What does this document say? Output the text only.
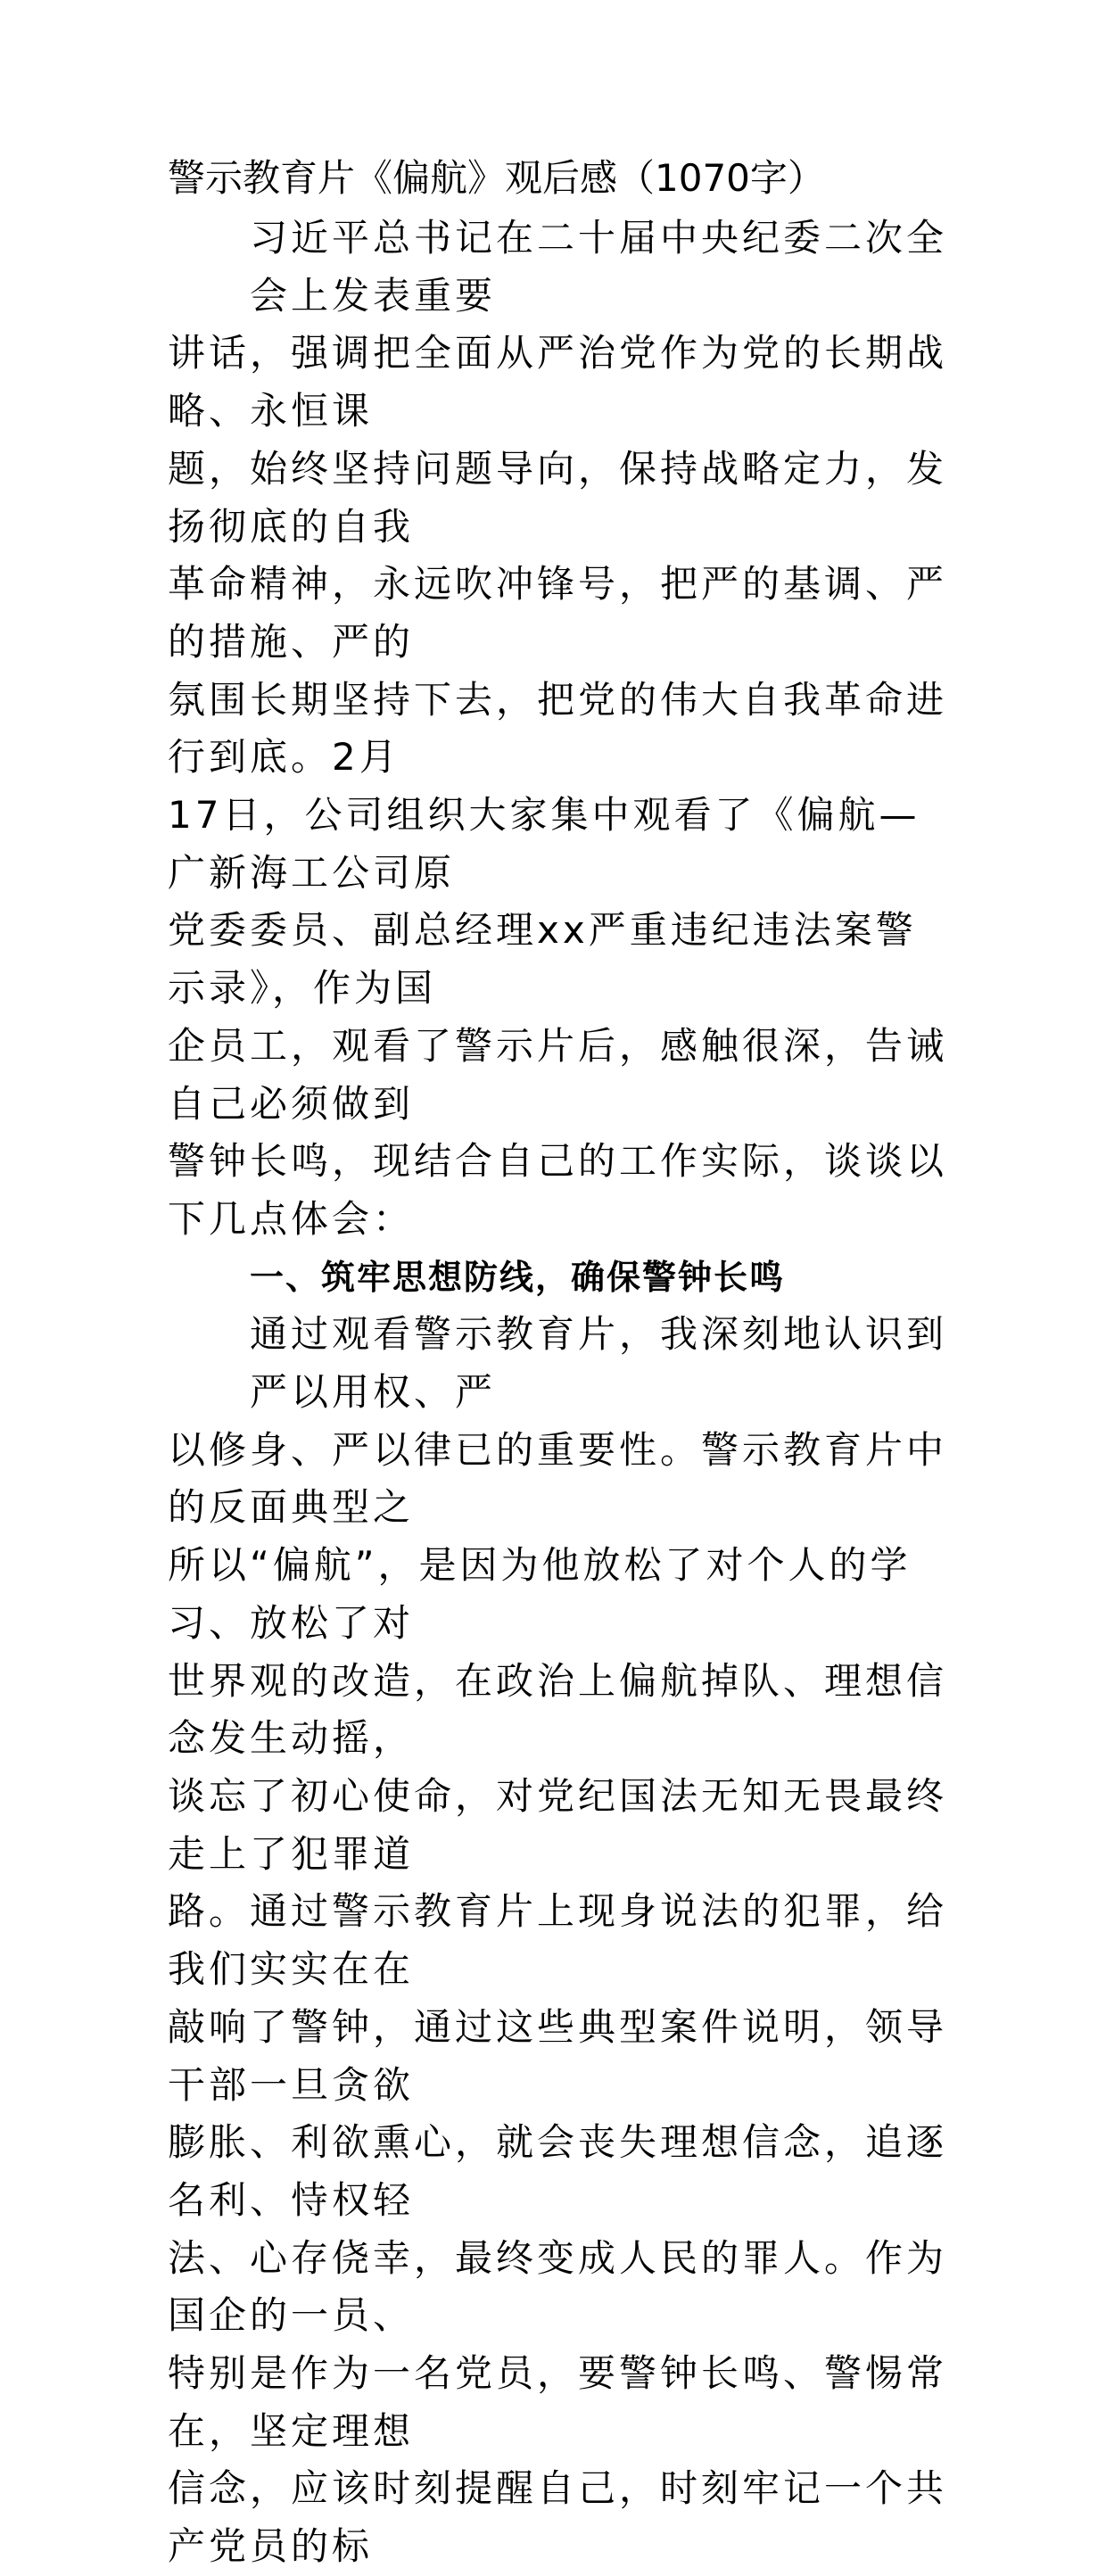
警示教育片《偏航》观后感（1070字）
习近平总书记在二十届中央纪委二次全会上发表重要
讲话，强调把全面从严治党作为党的长期战略、永恒课
题，始终坚持问题导向，保持战略定力，发扬彻底的自我
革命精神，永远吹冲锋号，把严的基调、严的措施、严的
氛围长期坚持下去，把党的伟大自我革命进行到底。2月
17日，公司组织大家集中观看了《偏航—广新海工公司原
党委委员、副总经理xx严重违纪违法案警示录》，作为国
企员工，观看了警示片后，感触很深，告诫自己必须做到
警钟长鸣，现结合自己的工作实际，谈谈以下几点体会：
一、筑牢思想防线，确保警钟长鸣
通过观看警示教育片，我深刻地认识到严以用权、严
以修身、严以律已的重要性。警示教育片中的反面典型之
所以“偏航”，是因为他放松了对个人的学习、放松了对
世界观的改造，在政治上偏航掉队、理想信念发生动摇，
谈忘了初心使命，对党纪国法无知无畏最终走上了犯罪道
路。通过警示教育片上现身说法的犯罪，给我们实实在在
敲响了警钟，通过这些典型案件说明，领导干部一旦贪欲
膨胀、利欲熏心，就会丧失理想信念，追逐名利、恃权轻
法、心存侥幸，最终变成人民的罪人。作为国企的一员、
特别是作为一名党员，要警钟长鸣、警惕常在，坚定理想
信念，应该时刻提醒自己，时刻牢记一个共产党员的标
